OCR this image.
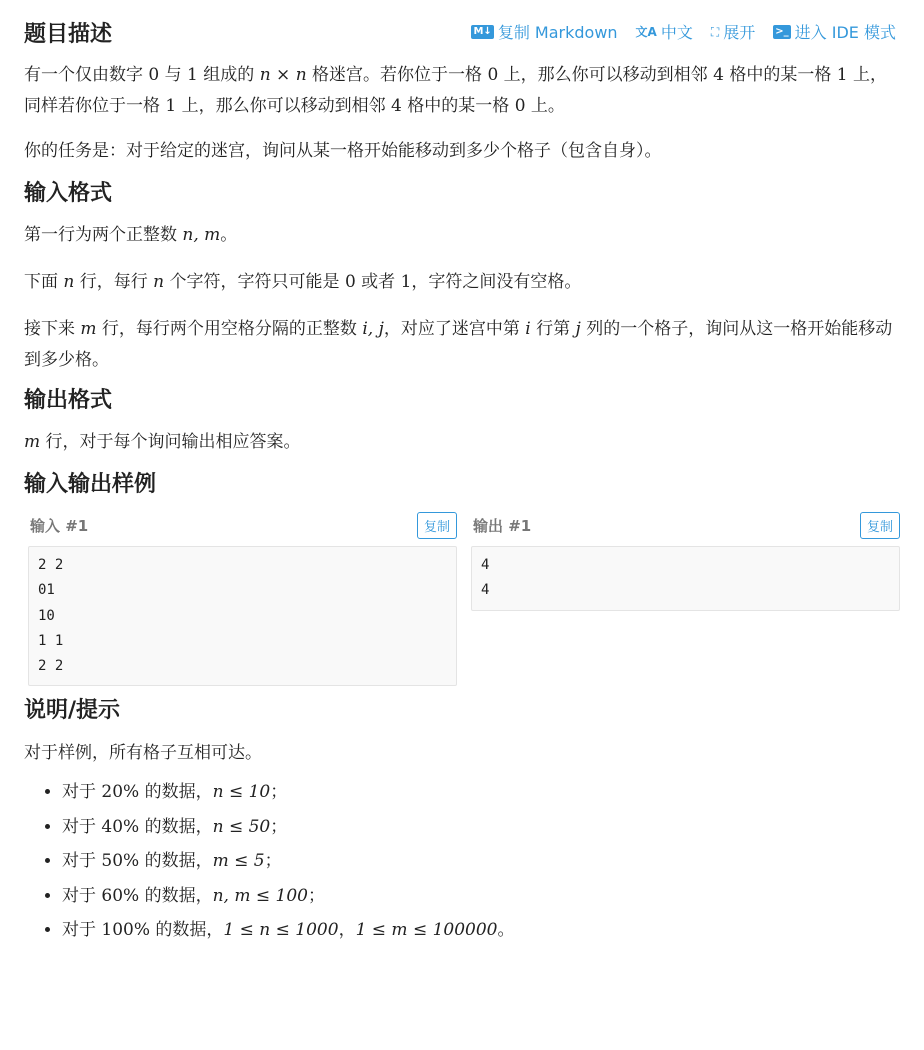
M↓ 复制 Markdown 文A 中文 ⛶ 展开 >_ 进入 IDE 模式
题目描述

有一个仅由数字 0 与 1 组成的 n × n 格迷宫。若你位于一格 0 上，那么你可以移动到相邻 4 格中的某一格 1 上，同样若你位于一格 1 上，那么你可以移动到相邻 4 格中的某一格 0 上。

你的任务是：对于给定的迷宫，询问从某一格开始能移动到多少个格子（包含自身）。

输入格式

第一行为两个正整数 n, m。

下面 n 行，每行 n 个字符，字符只可能是 0 或者 1，字符之间没有空格。

接下来 m 行，每行两个用空格分隔的正整数 i, j，对应了迷宫中第 i 行第 j 列的一个格子，询问从这一格开始能移动到多少格。

输出格式

m 行，对于每个询问输出相应答案。

输入输出样例
输入 #1	复制
2 2
01
10
1 1
2 2
输出 #1	复制
4
4
说明/提示

对于样例，所有格子互相可达。

• 对于 20% 的数据，n ≤ 10；
• 对于 40% 的数据，n ≤ 50；
• 对于 50% 的数据，m ≤ 5；
• 对于 60% 的数据，n, m ≤ 100；
• 对于 100% 的数据，1 ≤ n ≤ 1000，1 ≤ m ≤ 100000。
